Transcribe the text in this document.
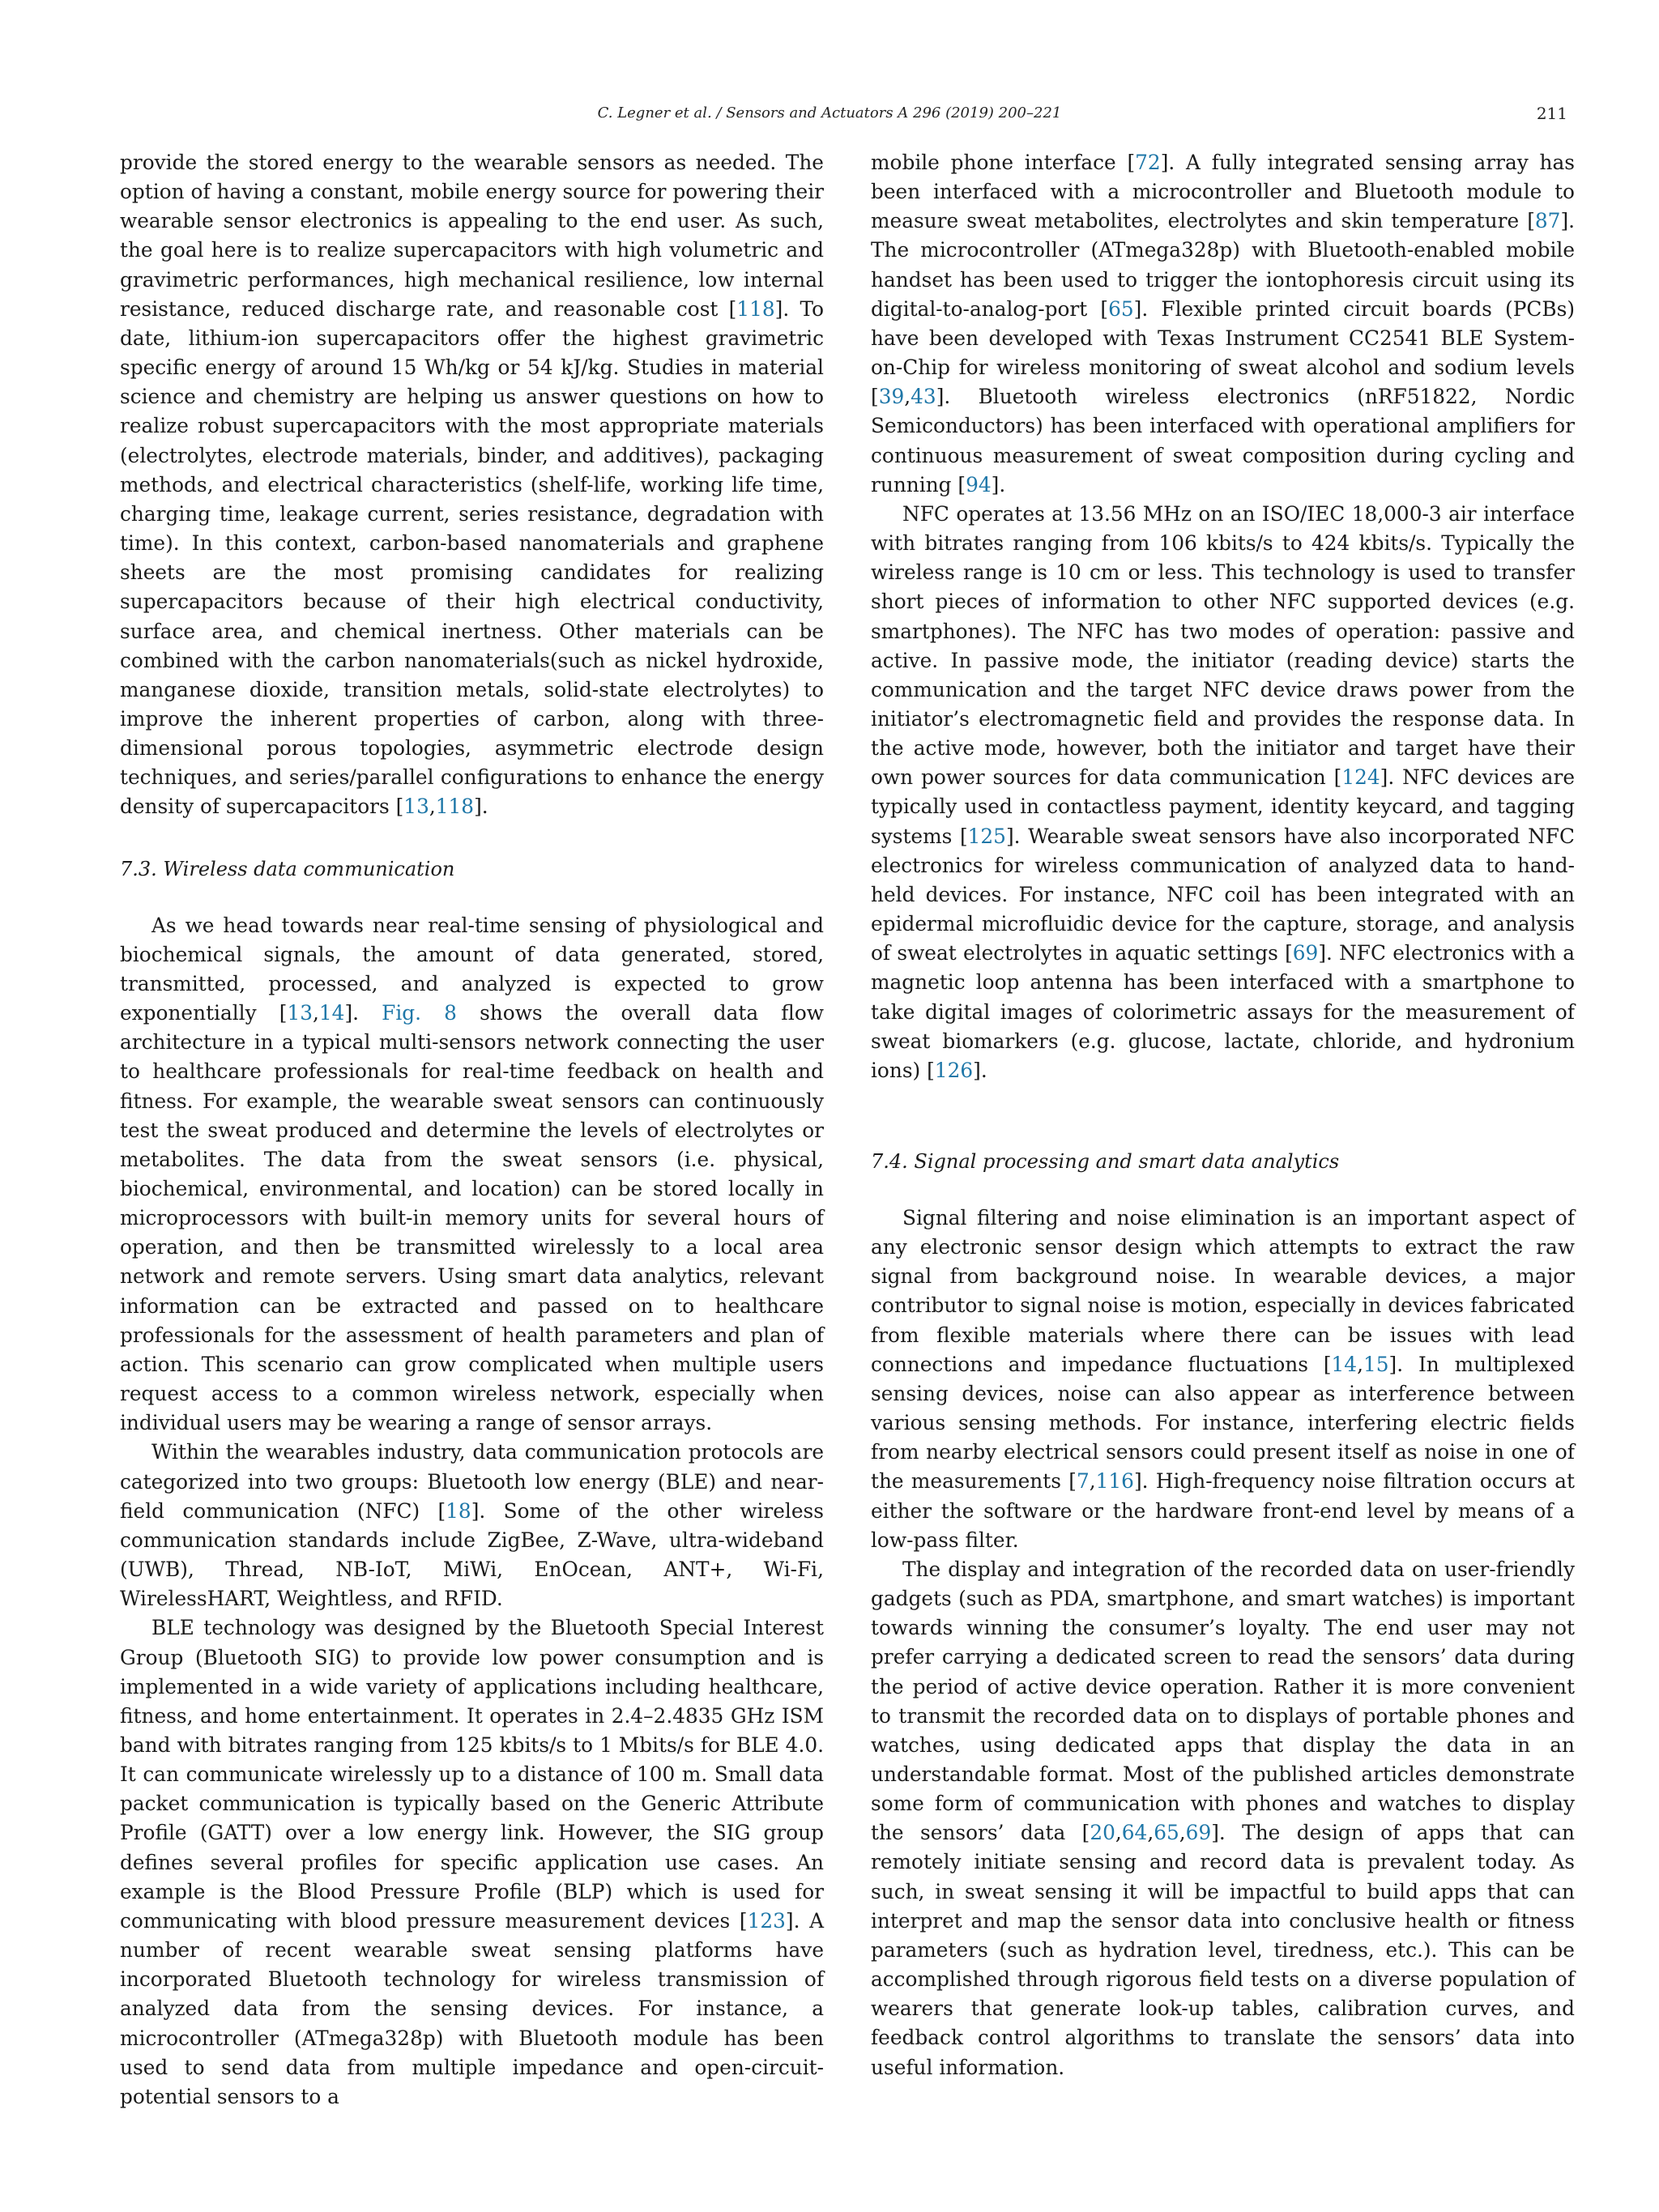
C. Legner et al. / Sensors and Actuators A 296 (2019) 200–221	211

provide the stored energy to the wearable sensors as needed. The option of having a constant, mobile energy source for powering their wearable sensor electronics is appealing to the end user. As such, the goal here is to realize supercapacitors with high volumetric and gravimetric performances, high mechanical resilience, low internal resistance, reduced discharge rate, and reasonable cost [118]. To date, lithium-ion supercapacitors offer the highest gravimetric specific energy of around 15 Wh/kg or 54 kJ/kg. Studies in material science and chemistry are helping us answer questions on how to realize robust supercapacitors with the most appropriate materials (electrolytes, electrode materials, binder, and additives), packaging methods, and electrical characteristics (shelf-life, working life time, charging time, leakage current, series resistance, degradation with time). In this context, carbon-based nanomaterials and graphene sheets are the most promising candidates for realizing supercapacitors because of their high electrical conductivity, surface area, and chemical inertness. Other materials can be combined with the carbon nanomaterials(such as nickel hydroxide, manganese dioxide, transition metals, solid-state electrolytes) to improve the inherent properties of carbon, along with three-dimensional porous topologies, asymmetric electrode design techniques, and series/parallel configurations to enhance the energy density of supercapacitors [13,118].

7.3. Wireless data communication

As we head towards near real-time sensing of physiological and biochemical signals, the amount of data generated, stored, transmitted, processed, and analyzed is expected to grow exponentially [13,14]. Fig. 8 shows the overall data flow architecture in a typical multi-sensors network connecting the user to healthcare professionals for real-time feedback on health and fitness. For example, the wearable sweat sensors can continuously test the sweat produced and determine the levels of electrolytes or metabolites. The data from the sweat sensors (i.e. physical, biochemical, environmental, and location) can be stored locally in microprocessors with built-in memory units for several hours of operation, and then be transmitted wirelessly to a local area network and remote servers. Using smart data analytics, relevant information can be extracted and passed on to healthcare professionals for the assessment of health parameters and plan of action. This scenario can grow complicated when multiple users request access to a common wireless network, especially when individual users may be wearing a range of sensor arrays.

Within the wearables industry, data communication protocols are categorized into two groups: Bluetooth low energy (BLE) and near-field communication (NFC) [18]. Some of the other wireless communication standards include ZigBee, Z-Wave, ultra-wideband (UWB), Thread, NB-IoT, MiWi, EnOcean, ANT+, Wi-Fi, WirelessHART, Weightless, and RFID.

BLE technology was designed by the Bluetooth Special Interest Group (Bluetooth SIG) to provide low power consumption and is implemented in a wide variety of applications including healthcare, fitness, and home entertainment. It operates in 2.4–2.4835 GHz ISM band with bitrates ranging from 125 kbits/s to 1 Mbits/s for BLE 4.0. It can communicate wirelessly up to a distance of 100 m. Small data packet communication is typically based on the Generic Attribute Profile (GATT) over a low energy link. However, the SIG group defines several profiles for specific application use cases. An example is the Blood Pressure Profile (BLP) which is used for communicating with blood pressure measurement devices [123]. A number of recent wearable sweat sensing platforms have incorporated Bluetooth technology for wireless transmission of analyzed data from the sensing devices. For instance, a microcontroller (ATmega328p) with Bluetooth module has been used to send data from multiple impedance and open-circuit-potential sensors to a

mobile phone interface [72]. A fully integrated sensing array has been interfaced with a microcontroller and Bluetooth module to measure sweat metabolites, electrolytes and skin temperature [87]. The microcontroller (ATmega328p) with Bluetooth-enabled mobile handset has been used to trigger the iontophoresis circuit using its digital-to-analog-port [65]. Flexible printed circuit boards (PCBs) have been developed with Texas Instrument CC2541 BLE System-on-Chip for wireless monitoring of sweat alcohol and sodium levels [39,43]. Bluetooth wireless electronics (nRF51822, Nordic Semiconductors) has been interfaced with operational amplifiers for continuous measurement of sweat composition during cycling and running [94].

NFC operates at 13.56 MHz on an ISO/IEC 18,000-3 air interface with bitrates ranging from 106 kbits/s to 424 kbits/s. Typically the wireless range is 10 cm or less. This technology is used to transfer short pieces of information to other NFC supported devices (e.g. smartphones). The NFC has two modes of operation: passive and active. In passive mode, the initiator (reading device) starts the communication and the target NFC device draws power from the initiator’s electromagnetic field and provides the response data. In the active mode, however, both the initiator and target have their own power sources for data communication [124]. NFC devices are typically used in contactless payment, identity keycard, and tagging systems [125]. Wearable sweat sensors have also incorporated NFC electronics for wireless communication of analyzed data to hand-held devices. For instance, NFC coil has been integrated with an epidermal microfluidic device for the capture, storage, and analysis of sweat electrolytes in aquatic settings [69]. NFC electronics with a magnetic loop antenna has been interfaced with a smartphone to take digital images of colorimetric assays for the measurement of sweat biomarkers (e.g. glucose, lactate, chloride, and hydronium ions) [126].

7.4. Signal processing and smart data analytics

Signal filtering and noise elimination is an important aspect of any electronic sensor design which attempts to extract the raw signal from background noise. In wearable devices, a major contributor to signal noise is motion, especially in devices fabricated from flexible materials where there can be issues with lead connections and impedance fluctuations [14,15]. In multiplexed sensing devices, noise can also appear as interference between various sensing methods. For instance, interfering electric fields from nearby electrical sensors could present itself as noise in one of the measurements [7,116]. High-frequency noise filtration occurs at either the software or the hardware front-end level by means of a low-pass filter.

The display and integration of the recorded data on user-friendly gadgets (such as PDA, smartphone, and smart watches) is important towards winning the consumer’s loyalty. The end user may not prefer carrying a dedicated screen to read the sensors’ data during the period of active device operation. Rather it is more convenient to transmit the recorded data on to displays of portable phones and watches, using dedicated apps that display the data in an understandable format. Most of the published articles demonstrate some form of communication with phones and watches to display the sensors’ data [20,64,65,69]. The design of apps that can remotely initiate sensing and record data is prevalent today. As such, in sweat sensing it will be impactful to build apps that can interpret and map the sensor data into conclusive health or fitness parameters (such as hydration level, tiredness, etc.). This can be accomplished through rigorous field tests on a diverse population of wearers that generate look-up tables, calibration curves, and feedback control algorithms to translate the sensors’ data into useful information.
